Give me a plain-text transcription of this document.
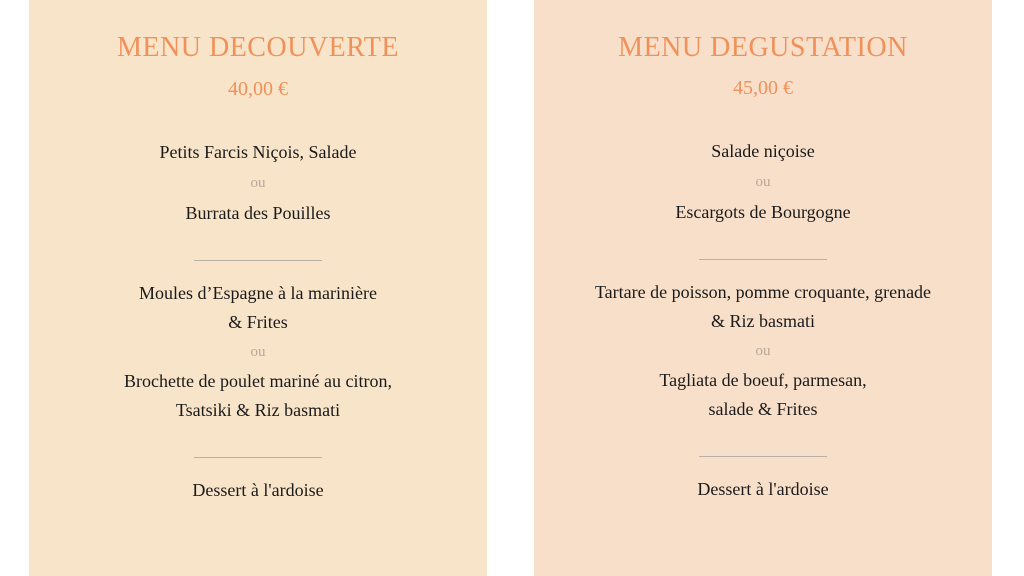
MENU DECOUVERTE
40,00 €
Petits Farcis Niçois, Salade
ou
Burrata des Pouilles
Moules d’Espagne à la marinière
& Frites
ou
Brochette de poulet mariné au citron,
Tsatsiki & Riz basmati
Dessert à l'ardoise
MENU DEGUSTATION
45,00 €
Salade niçoise
ou
Escargots de Bourgogne
Tartare de poisson, pomme croquante, grenade
& Riz basmati
ou
Tagliata de boeuf, parmesan,
salade & Frites
Dessert à l'ardoise
